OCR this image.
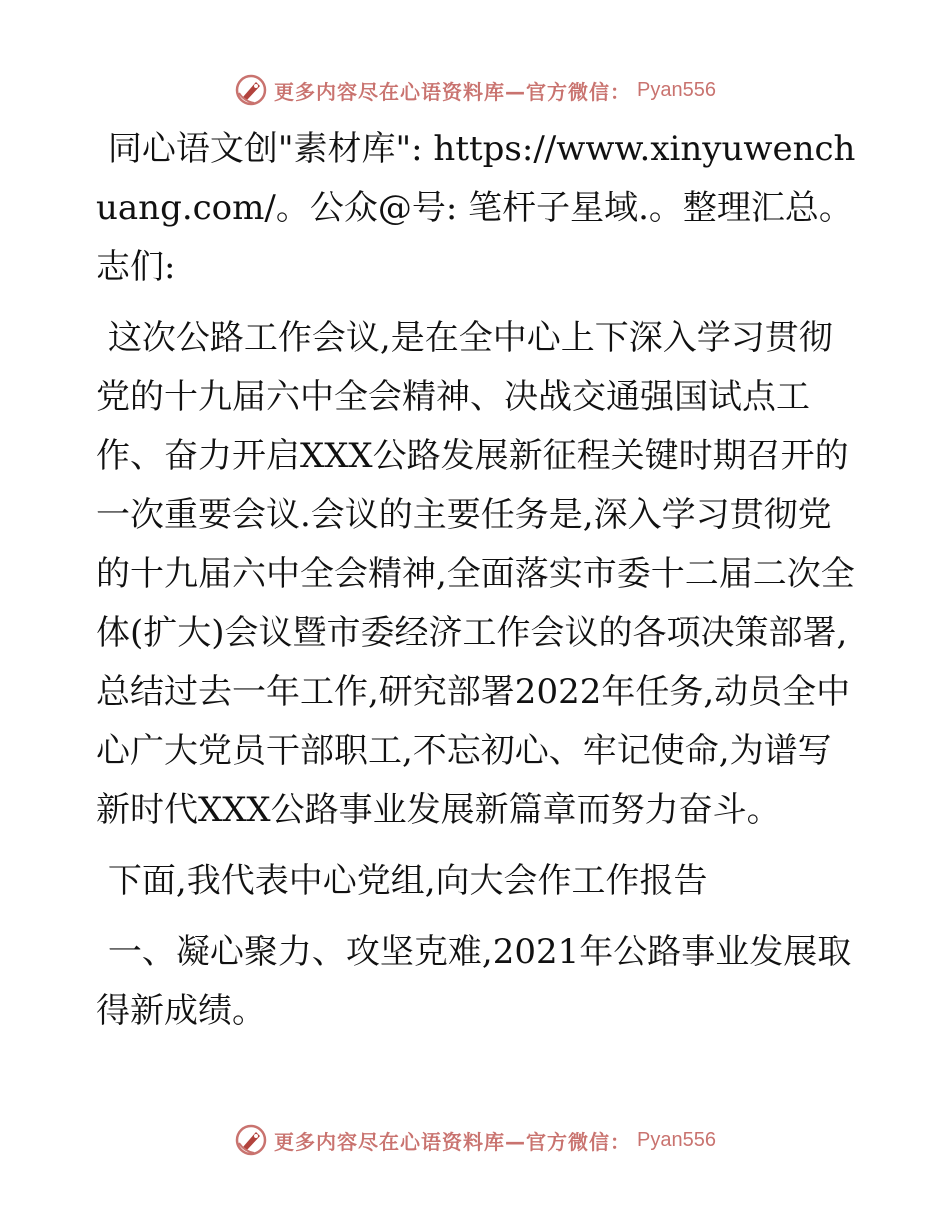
更多内容尽在心语资料库—官方微信： Pyan556

同心语文创"素材库": https://www.xinyuwenchuang.com/。公众@号: 笔杆子星域.。整理汇总。志们:

这次公路工作会议,是在全中心上下深入学习贯彻党的十九届六中全会精神、决战交通强国试点工作、奋力开启XXX公路发展新征程关键时期召开的一次重要会议.会议的主要任务是,深入学习贯彻党的十九届六中全会精神,全面落实市委十二届二次全体(扩大)会议暨市委经济工作会议的各项决策部署,总结过去一年工作,研究部署2022年任务,动员全中心广大党员干部职工,不忘初心、牢记使命,为谱写新时代XXX公路事业发展新篇章而努力奋斗。

下面,我代表中心党组,向大会作工作报告

一、凝心聚力、攻坚克难,2021年公路事业发展取得新成绩。

更多内容尽在心语资料库—官方微信： Pyan556
